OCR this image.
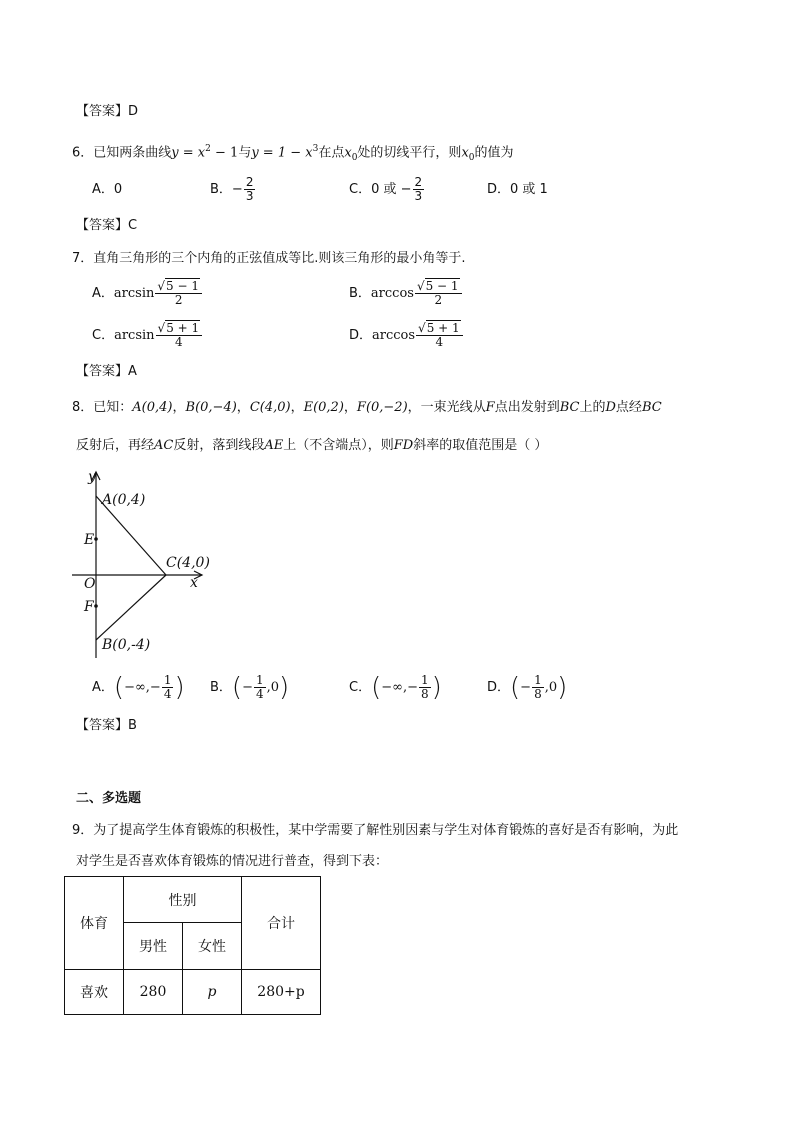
【答案】D
6．已知两条曲线$y = x^2 - 1$与$y = 1 - x^3$在点$x_0$处的切线平行，则$x_0$的值为
A．0	B．− $\frac{2}{3}$	C．0 或 − $\frac{2}{3}$	D．0 或 1
【答案】C
7．直角三角形的三个内角的正弦值成等比.则该三角形的最小角等于.
A．$\arcsin \frac{√5 - 1}{2}$	B．$\arccos \frac{√5 - 1}{2}$
C．$\arcsin \frac{√5 + 1}{4}$	D．$\arccos \frac{√5 + 1}{4}$
【答案】A
8．已知：A(0,4)，B(0,−4)，C(4,0)，E(0,2)，F(0,−2)，一束光线从F点出发射到BC上的D点经BC
反射后，再经AC反射，落到线段AE上（不含端点），则FD斜率的取值范围是（ ）
y
A(0,4)
E
C(4,0)
O	x
F
B(0,-4)
A．(−∞,− $\frac{1}{4}$ ) B．(− $\frac{1}{4} ,0$)	C．(−∞,− $\frac{1}{8}$ )	D．(− $\frac{1}{8} ,0$)
【答案】B
二、多选题
9．为了提高学生体育锻炼的积极性，某中学需要了解性别因素与学生对体育锻炼的喜好是否有影响，为此
对学生是否喜欢体育锻炼的情况进行普查，得到下表：
体育	性别		合计
	男性	女性	
喜欢	280	p	280+p
